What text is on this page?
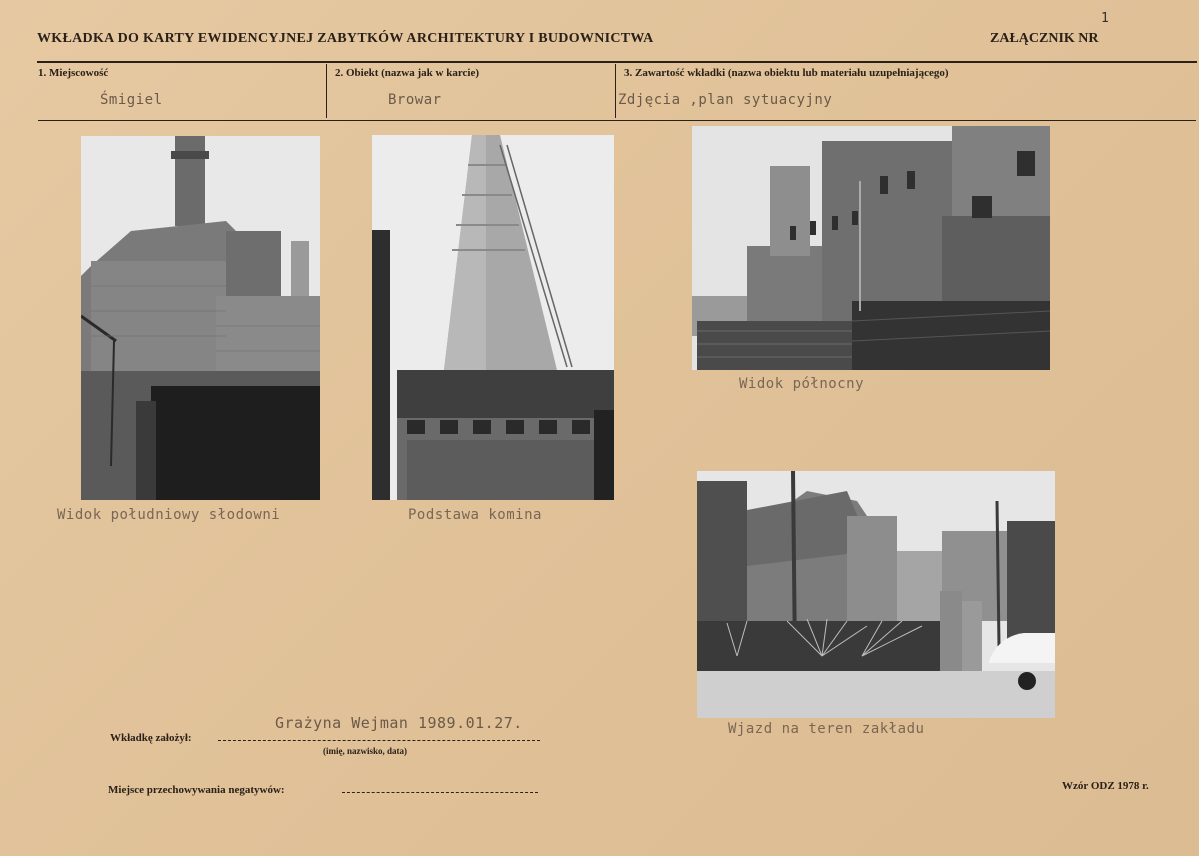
WKŁADKA DO KARTY EWIDENCYJNEJ ZABYTKÓW ARCHITEKTURY I BUDOWNICTWA	ZAŁĄCZNIK NR
1
1. Miejscowość
Śmigiel
2. Obiekt (nazwa jak w karcie)
Browar
3. Zawartość wkładki (nazwa obiektu lub materiału uzupełniającego)
Zdjęcia ,plan sytuacyjny
Widok południowy słodowni	Podstawa komina
Widok północny
Wjazd na teren zakładu
Grażyna Wejman 1989.01.27.
Wkładkę założył:
(imię, nazwisko, data)
Miejsce przechowywania negatywów:	Wzór ODZ 1978 r.
